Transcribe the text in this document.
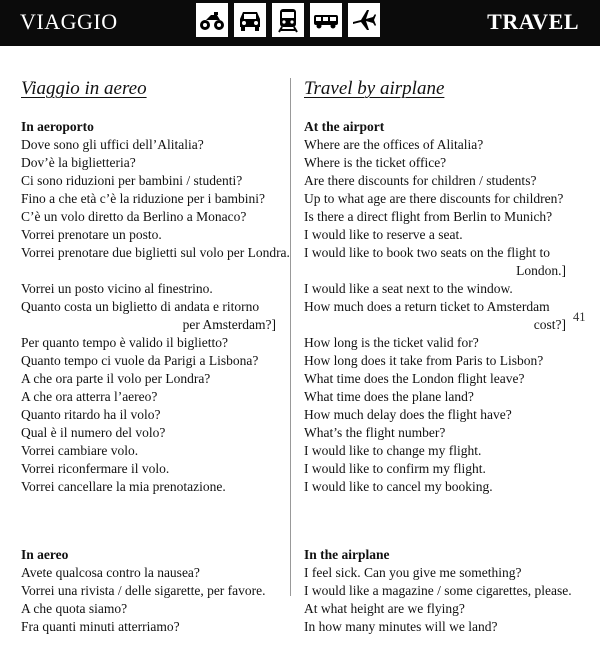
VIAGGIO	TRAVEL
Viaggio in aereo
In aeroporto
Dove sono gli uffici dell’Alitalia?
Dov’è la biglietteria?
Ci sono riduzioni per bambini / studenti?
Fino a che età c’è la riduzione per i bambini?
C’è un volo diretto da Berlino a Monaco?
Vorrei prenotare un posto.
Vorrei prenotare due biglietti sul volo per Londra.
Vorrei un posto vicino al finestrino.
Quanto costa un biglietto di andata e ritorno
per Amsterdam?]
Per quanto tempo è valido il biglietto?
Quanto tempo ci vuole da Parigi a Lisbona?
A che ora parte il volo per Londra?
A che ora atterra l’aereo?
Quanto ritardo ha il volo?
Qual è il numero del volo?
Vorrei cambiare volo.
Vorrei riconfermare il volo.
Vorrei cancellare la mia prenotazione.
In aereo
Avete qualcosa contro la nausea?
Vorrei una rivista / delle sigarette, per favore.
A che quota siamo?
Fra quanti minuti atterriamo?
Travel by airplane
At the airport
Where are the offices of Alitalia?
Where is the ticket office?
Are there discounts for children / students?
Up to what age are there discounts for children?
Is there a direct flight from Berlin to Munich?
I would like to reserve a seat.
I would like to book two seats on the flight to
London.]
I would like a seat next to the window.
How much does a return ticket to Amsterdam
cost?]
How long is the ticket valid for?
How long does it take from Paris to Lisbon?
What time does the London flight leave?
What time does the plane land?
How much delay does the flight have?
What’s the flight number?
I would like to change my flight.
I would like to confirm my flight.
I would like to cancel my booking.
In the airplane
I feel sick. Can you give me something?
I would like a magazine / some cigarettes, please.
At what height are we flying?
In how many minutes will we land?
41
